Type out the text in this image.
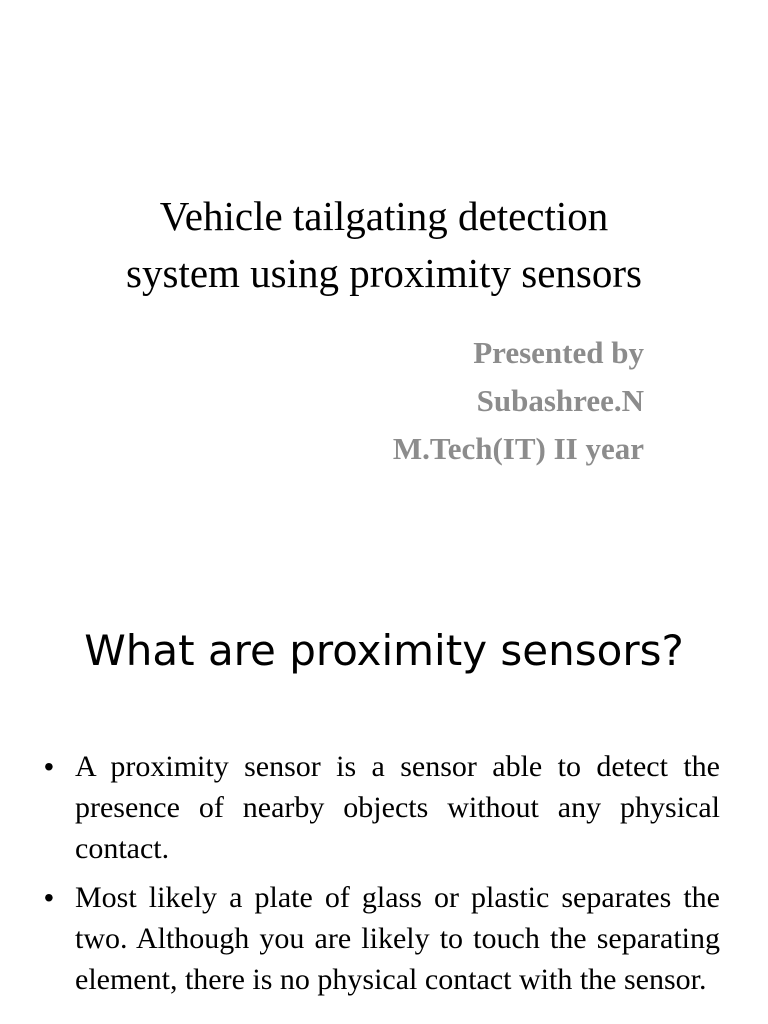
Vehicle tailgating detection
system using proximity sensors
Presented by
Subashree.N
M.Tech(IT) II year
What are proximity sensors?
• A proximity sensor is a sensor able to detect the presence of nearby objects without any physical contact.
• Most likely a plate of glass or plastic separates the two. Although you are likely to touch the separating element, there is no physical contact with the sensor.
